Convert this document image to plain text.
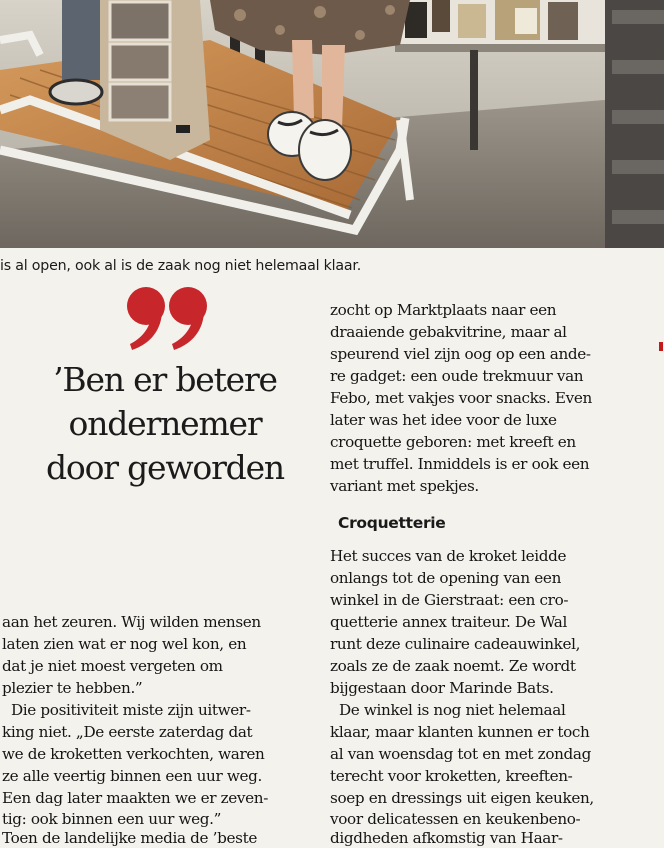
is al open, ook al is de zaak nog niet helemaal klaar.
’Ben er betere
ondernemer
door geworden
aan het zeuren. Wij wilden mensen
laten zien wat er nog wel kon, en
dat je niet moest vergeten om
plezier te hebben.”
Die positiviteit miste zijn uitwer-
king niet. „De eerste zaterdag dat
we de kroketten verkochten, waren
ze alle veertig binnen een uur weg.
Een dag later maakten we er zeven-
tig: ook binnen een uur weg.”
Toen de landelijke media de ’beste
zocht op Marktplaats naar een
draaiende gebakvitrine, maar al
speurend viel zijn oog op een ande-
re gadget: een oude trekmuur van
Febo, met vakjes voor snacks. Even
later was het idee voor de luxe
croquette geboren: met kreeft en
met truffel. Inmiddels is er ook een
variant met spekjes.
Croquetterie
Het succes van de kroket leidde
onlangs tot de opening van een
winkel in de Gierstraat: een cro-
quetterie annex traiteur. De Wal
runt deze culinaire cadeauwinkel,
zoals ze de zaak noemt. Ze wordt
bijgestaan door Marinde Bats.
De winkel is nog niet helemaal
klaar, maar klanten kunnen er toch
al van woensdag tot en met zondag
terecht voor kroketten, kreeften-
soep en dressings uit eigen keuken,
voor delicatessen en keukenbeno-
digdheden afkomstig van Haar-
